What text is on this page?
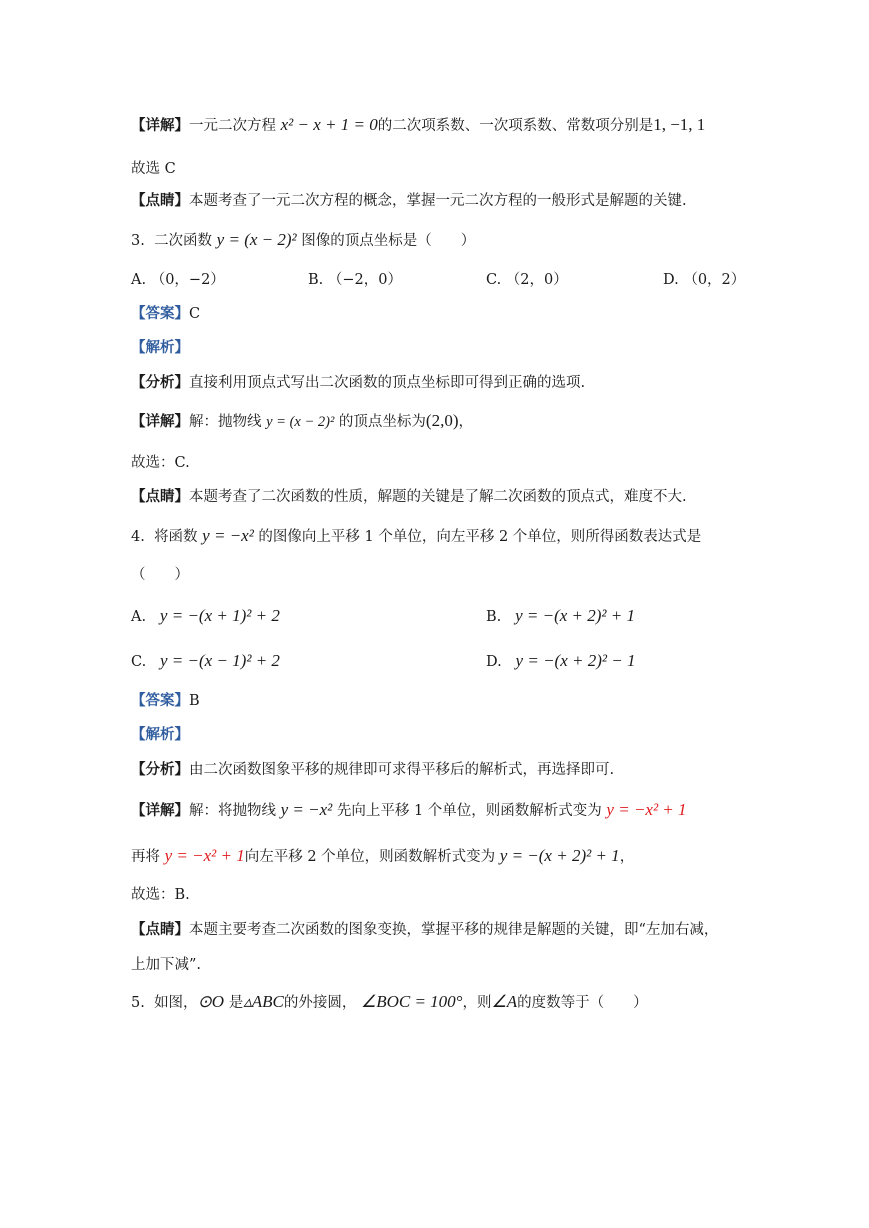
【详解】一元二次方程 x² − x + 1 = 0的二次项系数、一次项系数、常数项分别是1, −1, 1
故选 C
【点睛】本题考查了一元二次方程的概念，掌握一元二次方程的一般形式是解题的关键.
3. 二次函数 y = (x − 2)² 图像的顶点坐标是（　　）
A. （0，−2）	B. （−2，0）	C. （2，0）	D. （0，2）
【答案】C
【解析】
【分析】直接利用顶点式写出二次函数的顶点坐标即可得到正确的选项.
【详解】解：抛物线 y = (x − 2)² 的顶点坐标为(2,0)，
故选：C.
【点睛】本题考查了二次函数的性质，解题的关键是了解二次函数的顶点式，难度不大.
4. 将函数 y = −x² 的图像向上平移 1 个单位，向左平移 2 个单位，则所得函数表达式是
（　　）
A. y = −(x + 1)² + 2	B. y = −(x + 2)² + 1
C. y = −(x − 1)² + 2	D. y = −(x + 2)² − 1
【答案】B
【解析】
【分析】由二次函数图象平移的规律即可求得平移后的解析式，再选择即可.
【详解】解：将抛物线 y = −x² 先向上平移 1 个单位，则函数解析式变为 y = −x² + 1
再将 y = −x² + 1向左平移 2 个单位，则函数解析式变为 y = −(x + 2)² + 1，
故选：B.
【点睛】本题主要考查二次函数的图象变换，掌握平移的规律是解题的关键，即“左加右减，
上加下减”.
5. 如图，⊙O 是▵ABC的外接圆， ∠BOC = 100°，则∠A的度数等于（　　）
